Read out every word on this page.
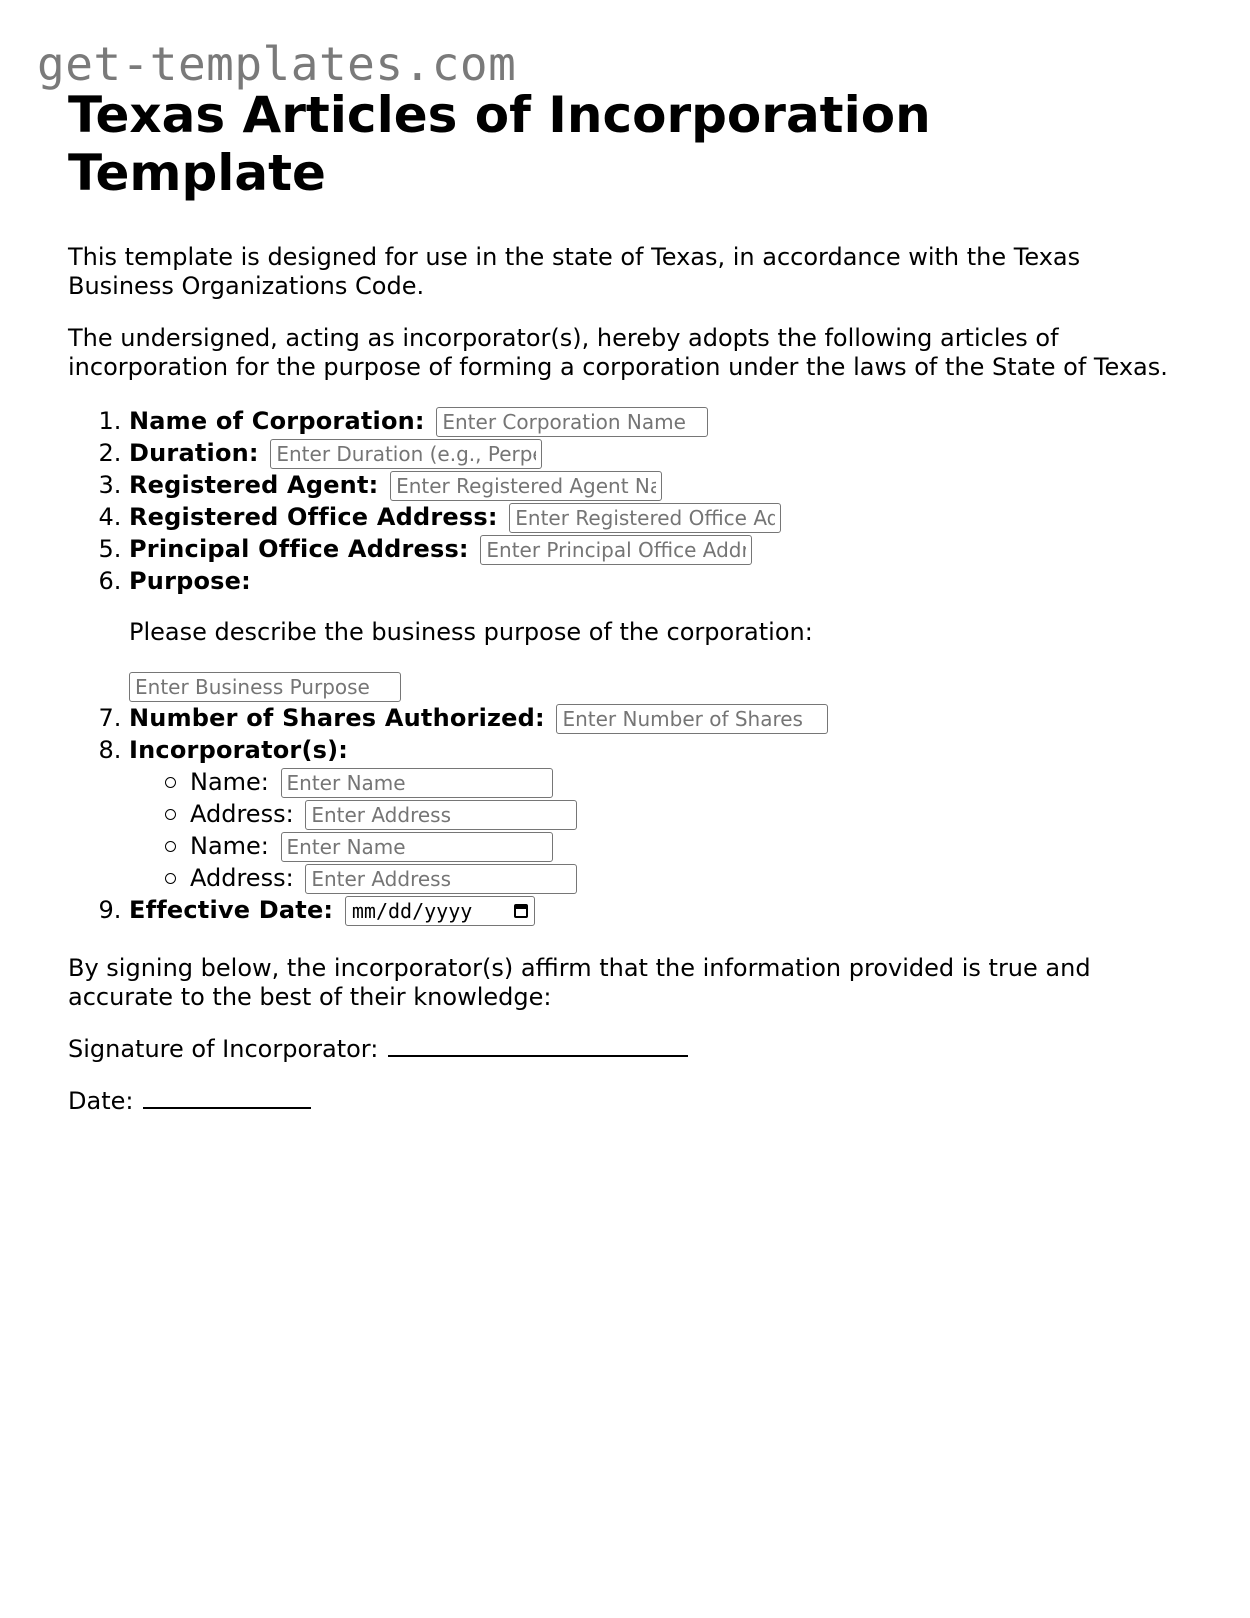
get-templates.com
Texas Articles of Incorporation Template

This template is designed for use in the state of Texas, in accordance with the Texas Business Organizations Code.

The undersigned, acting as incorporator(s), hereby adopts the following articles of incorporation for the purpose of forming a corporation under the laws of the State of Texas.

1. Name of Corporation: Enter Corporation Name
2. Duration: Enter Duration (e.g., Perpetual)
3. Registered Agent: Enter Registered Agent Name
4. Registered Office Address: Enter Registered Office Address
5. Principal Office Address: Enter Principal Office Address
6. Purpose:

Please describe the business purpose of the corporation:

Enter Business Purpose
7. Number of Shares Authorized: Enter Number of Shares
8. Incorporator(s):
Name: Enter Name
Address: Enter Address
Name: Enter Name
Address: Enter Address
9. Effective Date: mm/dd/yyyy

By signing below, the incorporator(s) affirm that the information provided is true and accurate to the best of their knowledge:

Signature of Incorporator:

Date:
